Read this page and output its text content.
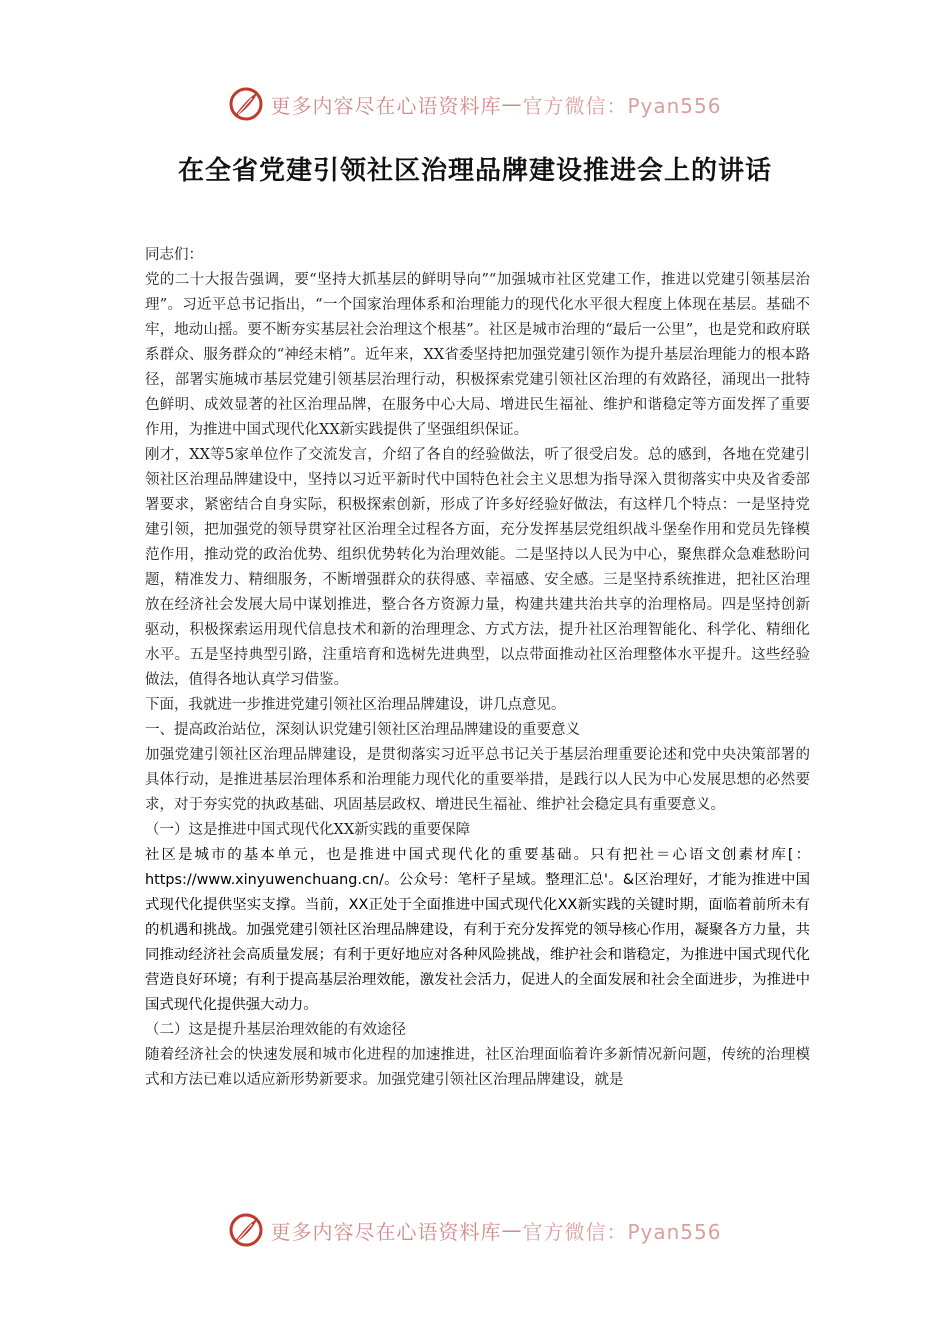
更多内容尽在心语资料库 — 官方微信：Pyan556
在全省党建引领社区治理品牌建设推进会上的讲话

同志们：

党的二十大报告强调，要“坚持大抓基层的鲜明导向”“加强城市社区党建工作，推进以党建引领基层治理”。习近平总书记指出，“一个国家治理体系和治理能力的现代化水平很大程度上体现在基层。基础不牢，地动山摇。要不断夯实基层社会治理这个根基”。社区是城市治理的“最后一公里”，也是党和政府联系群众、服务群众的“神经末梢”。近年来，XX省委坚持把加强党建引领作为提升基层治理能力的根本路径，部署实施城市基层党建引领基层治理行动，积极探索党建引领社区治理的有效路径，涌现出一批特色鲜明、成效显著的社区治理品牌，在服务中心大局、增进民生福祉、维护和谐稳定等方面发挥了重要作用，为推进中国式现代化XX新实践提供了坚强组织保证。

刚才，XX等5家单位作了交流发言，介绍了各自的经验做法，听了很受启发。总的感到，各地在党建引领社区治理品牌建设中，坚持以习近平新时代中国特色社会主义思想为指导深入贯彻落实中央及省委部署要求，紧密结合自身实际，积极探索创新，形成了许多好经验好做法，有这样几个特点：一是坚持党建引领，把加强党的领导贯穿社区治理全过程各方面，充分发挥基层党组织战斗堡垒作用和党员先锋模范作用，推动党的政治优势、组织优势转化为治理效能。二是坚持以人民为中心，聚焦群众急难愁盼问题，精准发力、精细服务，不断增强群众的获得感、幸福感、安全感。三是坚持系统推进，把社区治理放在经济社会发展大局中谋划推进，整合各方资源力量，构建共建共治共享的治理格局。四是坚持创新驱动，积极探索运用现代信息技术和新的治理理念、方式方法，提升社区治理智能化、科学化、精细化水平。五是坚持典型引路，注重培育和选树先进典型，以点带面推动社区治理整体水平提升。这些经验做法，值得各地认真学习借鉴。

下面，我就进一步推进党建引领社区治理品牌建设，讲几点意见。

一、提高政治站位，深刻认识党建引领社区治理品牌建设的重要意义

加强党建引领社区治理品牌建设，是贯彻落实习近平总书记关于基层治理重要论述和党中央决策部署的具体行动，是推进基层治理体系和治理能力现代化的重要举措，是践行以人民为中心发展思想的必然要求，对于夯实党的执政基础、巩固基层政权、增进民生福祉、维护社会稳定具有重要意义。

（一）这是推进中国式现代化XX新实践的重要保障

社区是城市的基本单元，也是推进中国式现代化的重要基础。只有把社＝心语文创素材库[：https://www.xinyuwenchuang.cn/。公众号：笔杆子星域。整理汇总'。&区治理好，才能为推进中国式现代化提供坚实支撑。当前，XX正处于全面推进中国式现代化XX新实践的关键时期，面临着前所未有的机遇和挑战。加强党建引领社区治理品牌建设，有利于充分发挥党的领导核心作用，凝聚各方力量，共同推动经济社会高质量发展；有利于更好地应对各种风险挑战，维护社会和谐稳定，为推进中国式现代化营造良好环境；有利于提高基层治理效能，激发社会活力，促进人的全面发展和社会全面进步，为推进中国式现代化提供强大动力。

（二）这是提升基层治理效能的有效途径

随着经济社会的快速发展和城市化进程的加速推进，社区治理面临着许多新情况新问题，传统的治理模式和方法已难以适应新形势新要求。加强党建引领社区治理品牌建设，就是

更多内容尽在心语资料库 — 官方微信：Pyan556
